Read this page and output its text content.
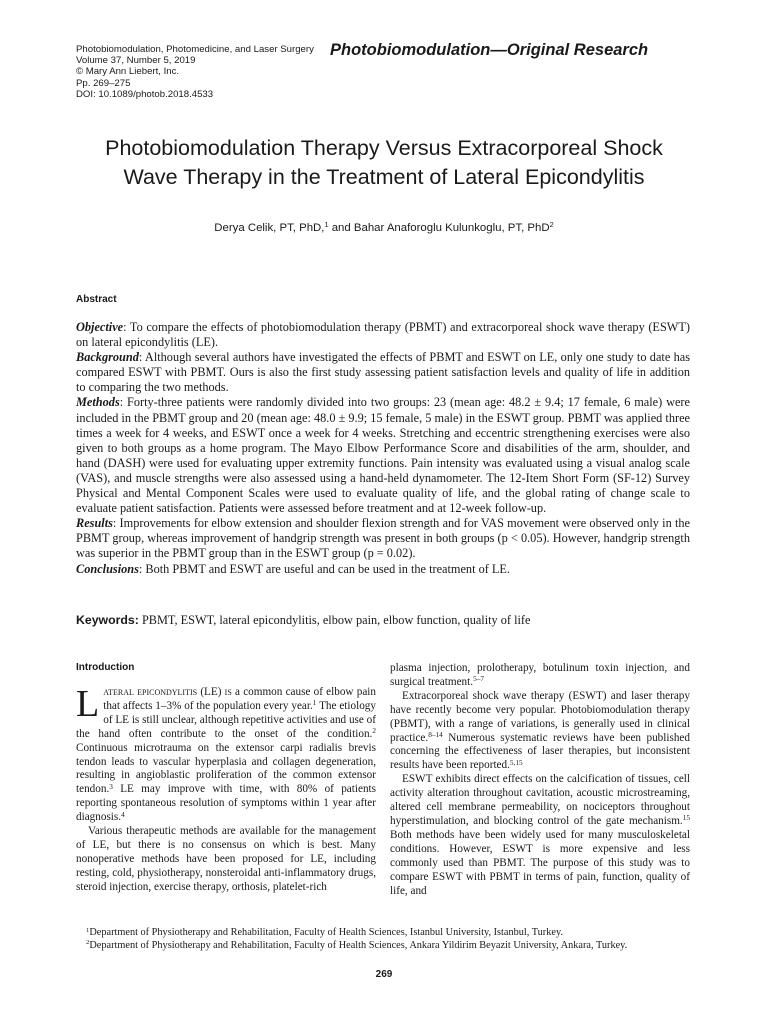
Photobiomodulation, Photomedicine, and Laser Surgery
Volume 37, Number 5, 2019
© Mary Ann Liebert, Inc.
Pp. 269–275
DOI: 10.1089/photob.2018.4533
Photobiomodulation—Original Research
Photobiomodulation Therapy Versus Extracorporeal Shock
Wave Therapy in the Treatment of Lateral Epicondylitis
Derya Celik, PT, PhD,$^1$ and Bahar Anaforoglu Kulunkoglu, PT, PhD$^2$
Abstract

Objective: To compare the effects of photobiomodulation therapy (PBMT) and extracorporeal shock wave therapy (ESWT) on lateral epicondylitis (LE).

Background: Although several authors have investigated the effects of PBMT and ESWT on LE, only one study to date has compared ESWT with PBMT. Ours is also the first study assessing patient satisfaction levels and quality of life in addition to comparing the two methods.

Methods: Forty-three patients were randomly divided into two groups: 23 (mean age: 48.2 ± 9.4; 17 female, 6 male) were included in the PBMT group and 20 (mean age: 48.0 ± 9.9; 15 female, 5 male) in the ESWT group. PBMT was applied three times a week for 4 weeks, and ESWT once a week for 4 weeks. Stretching and eccentric strengthening exercises were also given to both groups as a home program. The Mayo Elbow Performance Score and disabilities of the arm, shoulder, and hand (DASH) were used for evaluating upper extremity functions. Pain intensity was evaluated using a visual analog scale (VAS), and muscle strengths were also assessed using a hand-held dynamometer. The 12-Item Short Form (SF-12) Survey Physical and Mental Component Scales were used to evaluate quality of life, and the global rating of change scale to evaluate patient satisfaction. Patients were assessed before treatment and at 12-week follow-up.

Results: Improvements for elbow extension and shoulder flexion strength and for VAS movement were observed only in the PBMT group, whereas improvement of handgrip strength was present in both groups (p < 0.05). However, handgrip strength was superior in the PBMT group than in the ESWT group (p = 0.02).

Conclusions: Both PBMT and ESWT are useful and can be used in the treatment of LE.

Keywords: PBMT, ESWT, lateral epicondylitis, elbow pain, elbow function, quality of life
Introduction

Lateral epicondylitis (LE) is a common cause of elbow pain that affects 1–3% of the population every year.$^1$ The etiology of LE is still unclear, although repetitive activities and use of the hand often contribute to the onset of the condition.$^2$ Continuous microtrauma on the extensor carpi radialis brevis tendon leads to vascular hyperplasia and collagen degeneration, resulting in angioblastic proliferation of the common extensor tendon.$^3$ LE may improve with time, with 80% of patients reporting spontaneous resolution of symptoms within 1 year after diagnosis.$^4$

Various therapeutic methods are available for the management of LE, but there is no consensus on which is best. Many nonoperative methods have been proposed for LE, including resting, cold, physiotherapy, nonsteroidal anti-inflammatory drugs, steroid injection, exercise therapy, orthosis, platelet-rich

plasma injection, prolotherapy, botulinum toxin injection, and surgical treatment.$^{5-7}$

Extracorporeal shock wave therapy (ESWT) and laser therapy have recently become very popular. Photobiomodulation therapy (PBMT), with a range of variations, is generally used in clinical practice.$^{8-14}$ Numerous systematic reviews have been published concerning the effectiveness of laser therapies, but inconsistent results have been reported.$^{5,15}$

ESWT exhibits direct effects on the calcification of tissues, cell activity alteration throughout cavitation, acoustic microstreaming, altered cell membrane permeability, on nociceptors throughout hyperstimulation, and blocking control of the gate mechanism.$^{15}$ Both methods have been widely used for many musculoskeletal conditions. However, ESWT is more expensive and less commonly used than PBMT. The purpose of this study was to compare ESWT with PBMT in terms of pain, function, quality of life, and

$^1$Department of Physiotherapy and Rehabilitation, Faculty of Health Sciences, Istanbul University, Istanbul, Turkey.
$^2$Department of Physiotherapy and Rehabilitation, Faculty of Health Sciences, Ankara Yildirim Beyazit University, Ankara, Turkey.
269
